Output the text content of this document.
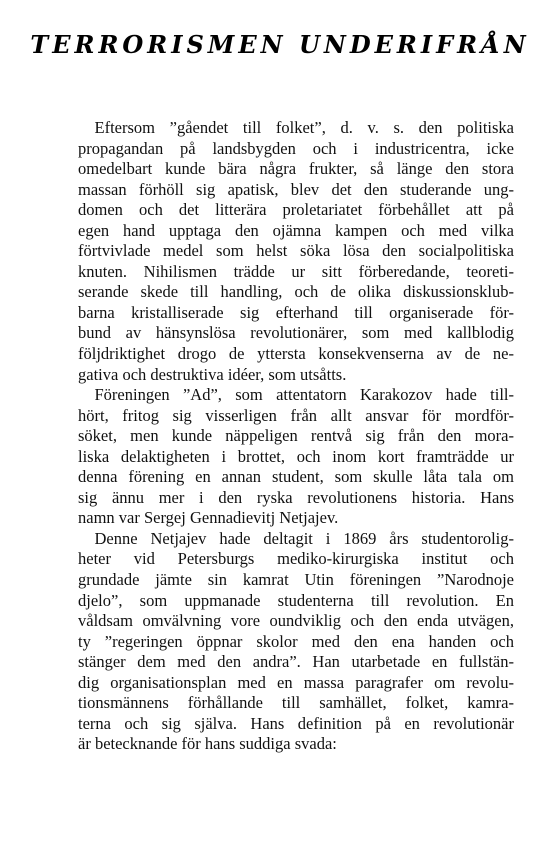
TERRORISMEN UNDERIFRÅN

 Eftersom ”gåendet till folket”, d. v. s. den politiska
propagandan på landsbygden och i industricentra, icke
omedelbart kunde bära några frukter, så länge den stora
massan förhöll sig apatisk, blev det den studerande ung-
domen och det litterära proletariatet förbehållet att på
egen hand upptaga den ojämna kampen och med vilka
förtvivlade medel som helst söka lösa den socialpolitiska
knuten. Nihilismen trädde ur sitt förberedande, teoreti-
serande skede till handling, och de olika diskussionsklub-
barna kristalliserade sig efterhand till organiserade för-
bund av hänsynslösa revolutionärer, som med kallblodig
följdriktighet drogo de yttersta konsekvenserna av de ne-
gativa och destruktiva idéer, som utsåtts.

 Föreningen ”Ad”, som attentatorn Karakozov hade till-
hört, fritog sig visserligen från allt ansvar för mordför-
söket, men kunde näppeligen rentvå sig från den mora-
liska delaktigheten i brottet, och inom kort framträdde ur
denna förening en annan student, som skulle låta tala om
sig ännu mer i den ryska revolutionens historia. Hans
namn var Sergej Gennadievitj Netjajev.

 Denne Netjajev hade deltagit i 1869 års studentorolig-
heter vid Petersburgs mediko-kirurgiska institut och
grundade jämte sin kamrat Utin föreningen ”Narodnoje
djelo”, som uppmanade studenterna till revolution. En
våldsam omvälvning vore oundviklig och den enda utvägen,
ty ”regeringen öppnar skolor med den ena handen och
stänger dem med den andra”. Han utarbetade en fullstän-
dig organisationsplan med en massa paragrafer om revolu-
tionsmännens förhållande till samhället, folket, kamra-
terna och sig själva. Hans definition på en revolutionär
är betecknande för hans suddiga svada:
